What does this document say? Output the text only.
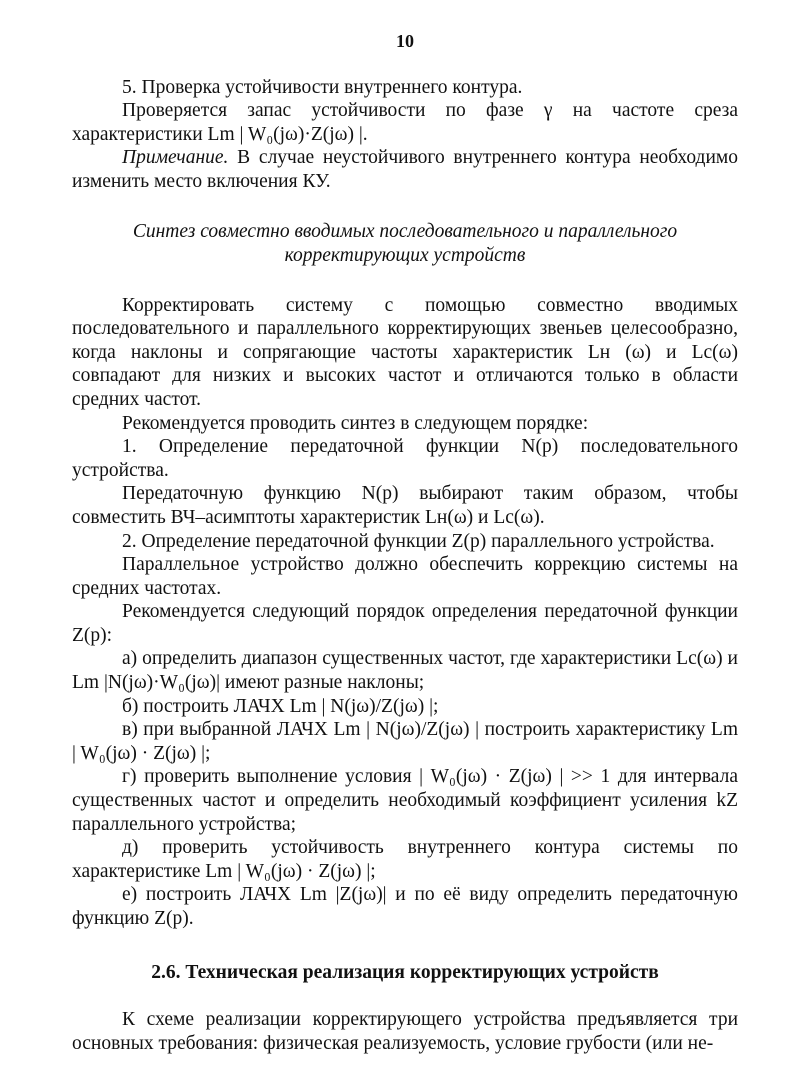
10

5. Проверка устойчивости внутреннего контура.

Проверяется запас устойчивости по фазе γ на частоте среза характеристики Lm | W₀(jω)·Z(jω) |.

Примечание. В случае неустойчивого внутреннего контура необходимо изменить место включения КУ.

Синтез совместно вводимых последовательного и параллельного корректирующих устройств

Корректировать систему с помощью совместно вводимых последовательного и параллельного корректирующих звеньев целесообразно, когда наклоны и сопрягающие частоты характеристик Lн (ω) и Lс(ω) совпадают для низких и высоких частот и отличаются только в области средних частот.

Рекомендуется проводить синтез в следующем порядке:

1. Определение передаточной функции N(p) последовательного устройства.

Передаточную функцию N(p) выбирают таким образом, чтобы совместить ВЧ–асимптоты характеристик Lн(ω) и Lс(ω).

2. Определение передаточной функции Z(p) параллельного устройства.

Параллельное устройство должно обеспечить коррекцию системы на средних частотах.

Рекомендуется следующий порядок определения передаточной функции Z(p):

а) определить диапазон существенных частот, где характеристики Lс(ω) и Lm |N(jω)·W₀(jω)| имеют разные наклоны;

б) построить ЛАЧХ Lm | N(jω)/Z(jω) |;

в) при выбранной ЛАЧХ Lm | N(jω)/Z(jω) | построить характеристику Lm | W₀(jω) · Z(jω) |;

г) проверить выполнение условия | W₀(jω) · Z(jω) | >> 1 для интервала существенных частот и определить необходимый коэффициент усиления kZ параллельного устройства;

д) проверить устойчивость внутреннего контура системы по характеристике Lm | W₀(jω) · Z(jω) |;

е) построить ЛАЧХ Lm |Z(jω)| и по её виду определить передаточную функцию Z(p).

2.6. Техническая реализация корректирующих устройств

К схеме реализации корректирующего устройства предъявляется три основных требования: физическая реализуемость, условие грубости (или не-
